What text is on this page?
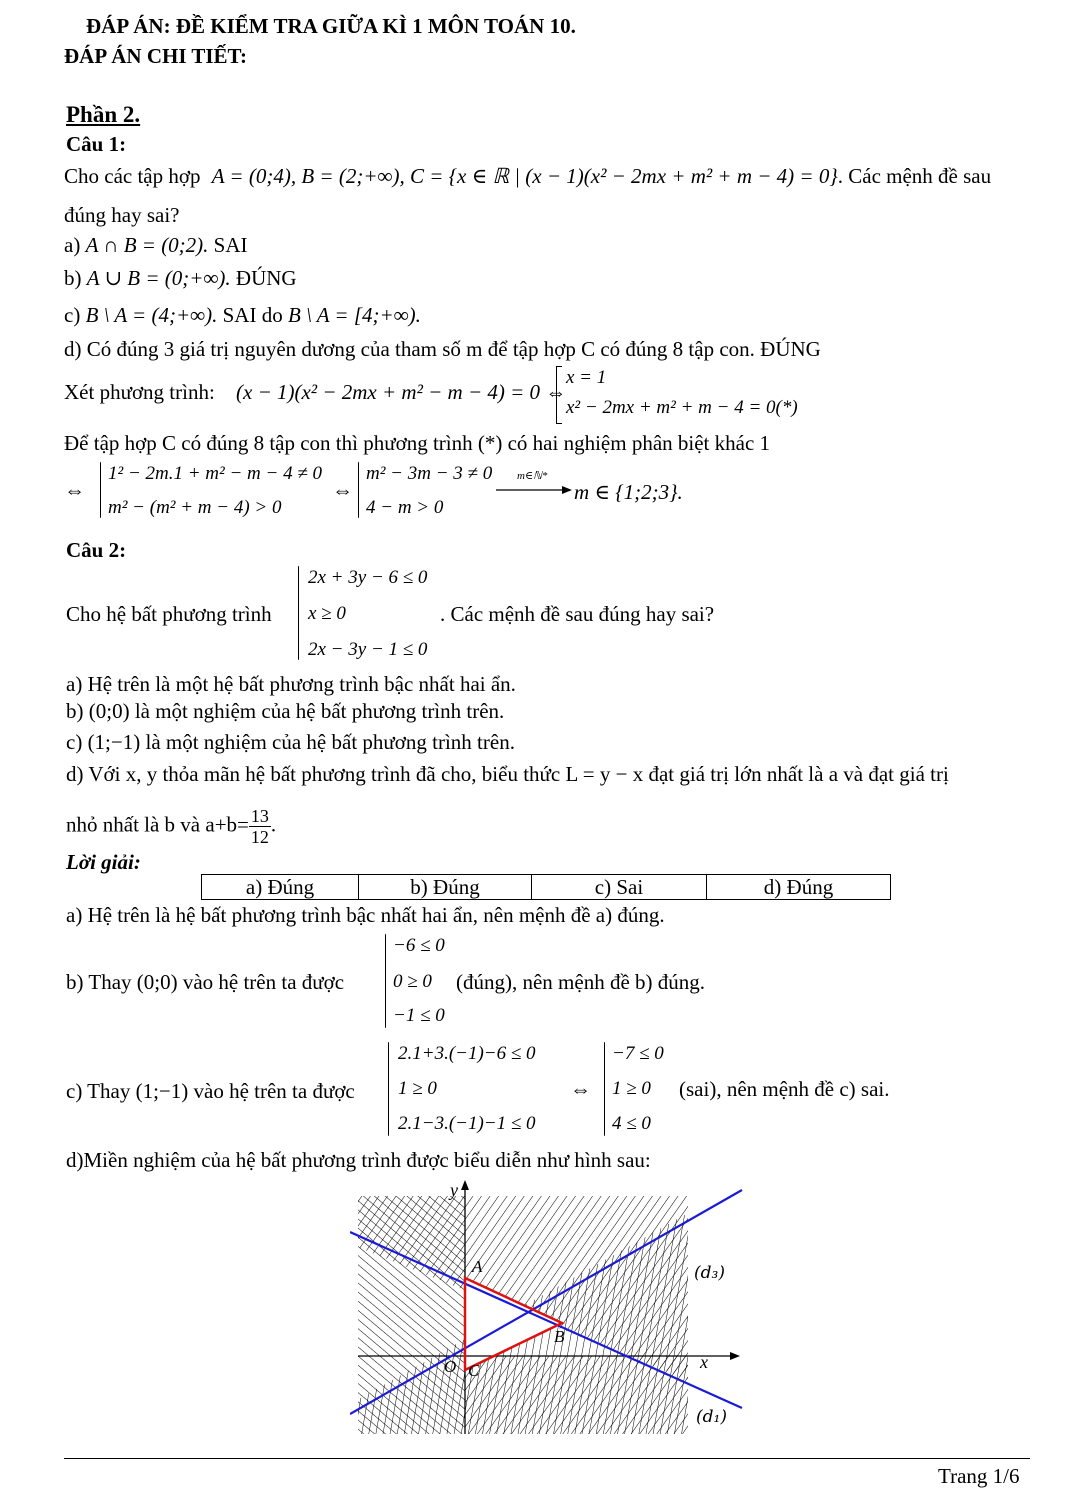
ĐÁP ÁN: ĐỀ KIỂM TRA GIỮA KÌ 1 MÔN TOÁN 10.
ĐÁP ÁN CHI TIẾT:
Phần 2.
Câu 1:
Cho các tập hợp A = (0;4), B = (2;+∞), C = {x ∈ ℝ | (x − 1)(x² − 2mx + m² + m − 4) = 0}. Các mệnh đề sau
đúng hay sai?
a) A ∩ B = (0;2). SAI
b) A ∪ B = (0;+∞). ĐÚNG
c) B \ A = (4;+∞). SAI do B \ A = [4;+∞).
d) Có đúng 3 giá trị nguyên dương của tham số m để tập hợp C có đúng 8 tập con. ĐÚNG
Xét phương trình: (x − 1)(x² − 2mx + m² − m − 4) = 0 ⇔
x = 1
x² − 2mx + m² + m − 4 = 0(*)
Để tập hợp C có đúng 8 tập con thì phương trình (*) có hai nghiệm phân biệt khác 1
⇔
1² − 2m.1 + m² − m − 4 ≠ 0
m² − (m² + m − 4) > 0
⇔
m² − 3m − 3 ≠ 0
4 − m > 0
m∈ℕ*
m ∈ {1;2;3}.
Câu 2:
Cho hệ bất phương trình
2x + 3y − 6 ≤ 0
x ≥ 0
2x − 3y − 1 ≤ 0
. Các mệnh đề sau đúng hay sai?
a) Hệ trên là một hệ bất phương trình bậc nhất hai ẩn.
b) (0;0) là một nghiệm của hệ bất phương trình trên.
c) (1;−1) là một nghiệm của hệ bất phương trình trên.
d) Với x, y thỏa mãn hệ bất phương trình đã cho, biểu thức L = y − x đạt giá trị lớn nhất là a và đạt giá trị
nhỏ nhất là b và $a+b= \frac{13}{12}$ .
Lời giải:
a) Đúng	b) Đúng	c) Sai	d) Đúng
a) Hệ trên là hệ bất phương trình bậc nhất hai ẩn, nên mệnh đề a) đúng.
b) Thay (0;0) vào hệ trên ta được
−6 ≤ 0
0 ≥ 0
−1 ≤ 0
(đúng), nên mệnh đề b) đúng.
c) Thay (1;−1) vào hệ trên ta được
2.1+3.(−1)−6 ≤ 0
1 ≥ 0
2.1−3.(−1)−1 ≤ 0
⇔
−7 ≤ 0
1 ≥ 0
4 ≤ 0
(sai), nên mệnh đề c) sai.
d)Miền nghiệm của hệ bất phương trình được biểu diễn như hình sau:
y
x
A
B
C
O
(d₃)
(d₁)
Trang 1/6
